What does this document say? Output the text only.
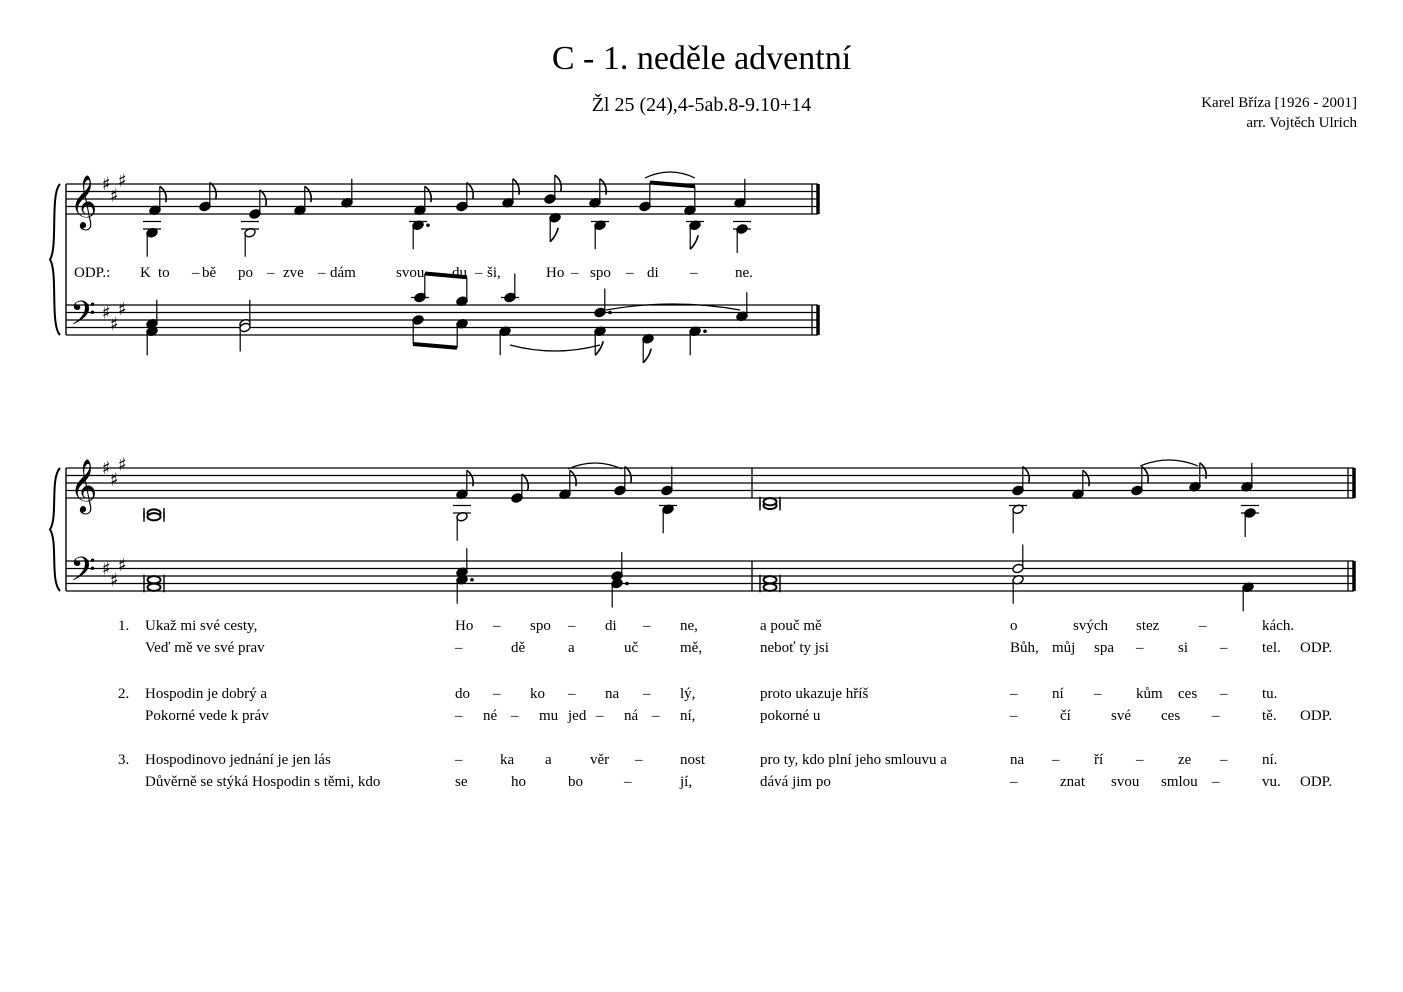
C - 1. neděle adventní
Žl 25 (24),4-5ab.8-9.10+14	Karel Bříza [1926 - 2001]
arr. Vojtěch Ulrich
𝄞
𝄢
♯
♯
♯
♯
♯
♯
𝄞
𝄢
♯
♯
♯
♯
♯
♯
ODP.: K to – bě po – zve – dám	svou du – ši,	Ho – spo – di –	ne.
1. Ukaž mi své cesty,	Ho – spo – di – ne,	a pouč mě	o	svých stez	–	kách.
Veď mě ve své prav	–	dě	a	uč	mě,	neboť ty jsi	Bůh, můj spa – si – tel. ODP.
2. Hospodin je dobrý a	do – ko – na – lý,	proto ukazuje hříš	– ní – kům ces – tu.
Pokorné vede k práv	– né – mu jed – ná – ní,	pokorné u	–	čí	své ces –	tě. ODP.
3. Hospodinovo jednání je jen lás	–	ka a	věr –	nost	pro ty, kdo plní jeho smlouvu a	na – ří – ze – ní.
Důvěrně se stýká Hospodin s těmi, kdo	se	ho	bo	–	jí,	dává jim po	–	znat svou smlou –	vu. ODP.
